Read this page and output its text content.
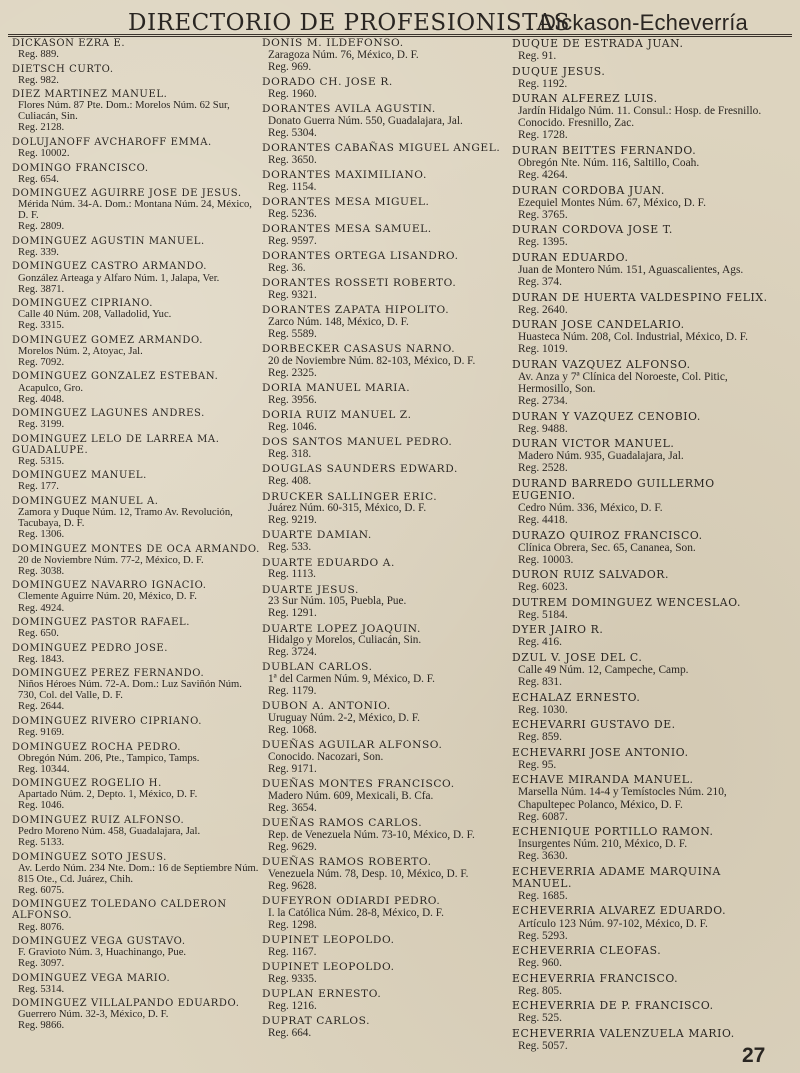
DIRECTORIO DE PROFESIONISTAS
Dickason-Echeverría
DICKASON EZRA E.
Reg. 889.
DIETSCH CURTO.
Reg. 982.
DIEZ MARTINEZ MANUEL.
Flores Núm. 87 Pte. Dom.: Morelos Núm. 62 Sur, Culiacán, Sin.
Reg. 2128.
DOLUJANOFF AVCHAROFF EMMA.
Reg. 10002.
DOMINGO FRANCISCO.
Reg. 654.
DOMINGUEZ AGUIRRE JOSE DE JESUS.
Mérida Núm. 34-A. Dom.: Montana Núm. 24, México, D. F.
Reg. 2809.
DOMINGUEZ AGUSTIN MANUEL.
Reg. 339.
DOMINGUEZ CASTRO ARMANDO.
González Arteaga y Alfaro Núm. 1, Jalapa, Ver.
Reg. 3871.
DOMINGUEZ CIPRIANO.
Calle 40 Núm. 208, Valladolid, Yuc.
Reg. 3315.
DOMINGUEZ GOMEZ ARMANDO.
Morelos Núm. 2, Atoyac, Jal.
Reg. 7092.
DOMINGUEZ GONZALEZ ESTEBAN.
Acapulco, Gro.
Reg. 4048.
DOMINGUEZ LAGUNES ANDRES.
Reg. 3199.
DOMINGUEZ LELO DE LARREA MA. GUADALUPE.
Reg. 5315.
DOMINGUEZ MANUEL.
Reg. 177.
DOMINGUEZ MANUEL A.
Zamora y Duque Núm. 12, Tramo Av. Revolución, Tacubaya, D. F.
Reg. 1306.
DOMINGUEZ MONTES DE OCA ARMANDO.
20 de Noviembre Núm. 77-2, México, D. F.
Reg. 3038.
DOMINGUEZ NAVARRO IGNACIO.
Clemente Aguirre Núm. 20, México, D. F.
Reg. 4924.
DOMINGUEZ PASTOR RAFAEL.
Reg. 650.
DOMINGUEZ PEDRO JOSE.
Reg. 1843.
DOMINGUEZ PEREZ FERNANDO.
Niños Héroes Núm. 72-A. Dom.: Luz Saviñón Núm. 730, Col. del Valle, D. F.
Reg. 2644.
DOMINGUEZ RIVERO CIPRIANO.
Reg. 9169.
DOMINGUEZ ROCHA PEDRO.
Obregón Núm. 206, Pte., Tampico, Tamps.
Reg. 10344.
DOMINGUEZ ROGELIO H.
Apartado Núm. 2, Depto. 1, México, D. F.
Reg. 1046.
DOMINGUEZ RUIZ ALFONSO.
Pedro Moreno Núm. 458, Guadalajara, Jal.
Reg. 5133.
DOMINGUEZ SOTO JESUS.
Av. Lerdo Núm. 234 Nte. Dom.: 16 de Septiembre Núm. 815 Ote., Cd. Juárez, Chih.
Reg. 6075.
DOMINGUEZ TOLEDANO CALDERON ALFONSO.
Reg. 8076.
DOMINGUEZ VEGA GUSTAVO.
F. Gravioto Núm. 3, Huachinango, Pue.
Reg. 3097.
DOMINGUEZ VEGA MARIO.
Reg. 5314.
DOMINGUEZ VILLALPANDO EDUARDO.
Guerrero Núm. 32-3, México, D. F.
Reg. 9866.
DONIS M. ILDEFONSO.
Zaragoza Núm. 76, México, D. F.
Reg. 969.
DORADO CH. JOSE R.
Reg. 1960.
DORANTES AVILA AGUSTIN.
Donato Guerra Núm. 550, Guadalajara, Jal.
Reg. 5304.
DORANTES CABAÑAS MIGUEL ANGEL.
Reg. 3650.
DORANTES MAXIMILIANO.
Reg. 1154.
DORANTES MESA MIGUEL.
Reg. 5236.
DORANTES MESA SAMUEL.
Reg. 9597.
DORANTES ORTEGA LISANDRO.
Reg. 36.
DORANTES ROSSETI ROBERTO.
Reg. 9321.
DORANTES ZAPATA HIPOLITO.
Zarco Núm. 148, México, D. F.
Reg. 5589.
DORBECKER CASASUS NARNO.
20 de Noviembre Núm. 82-103, México, D. F.
Reg. 2325.
DORIA MANUEL MARIA.
Reg. 3956.
DORIA RUIZ MANUEL Z.
Reg. 1046.
DOS SANTOS MANUEL PEDRO.
Reg. 318.
DOUGLAS SAUNDERS EDWARD.
Reg. 408.
DRUCKER SALLINGER ERIC.
Juárez Núm. 60-315, México, D. F.
Reg. 9219.
DUARTE DAMIAN.
Reg. 533.
DUARTE EDUARDO A.
Reg. 1113.
DUARTE JESUS.
23 Sur Núm. 105, Puebla, Pue.
Reg. 1291.
DUARTE LOPEZ JOAQUIN.
Hidalgo y Morelos, Culiacán, Sin.
Reg. 3724.
DUBLAN CARLOS.
1ª del Carmen Núm. 9, México, D. F.
Reg. 1179.
DUBON A. ANTONIO.
Uruguay Núm. 2-2, México, D. F.
Reg. 1068.
DUEÑAS AGUILAR ALFONSO.
Conocido. Nacozari, Son.
Reg. 9171.
DUEÑAS MONTES FRANCISCO.
Madero Núm. 609, Mexicali, B. Cfa.
Reg. 3654.
DUEÑAS RAMOS CARLOS.
Rep. de Venezuela Núm. 73-10, México, D. F.
Reg. 9629.
DUEÑAS RAMOS ROBERTO.
Venezuela Núm. 78, Desp. 10, México, D. F.
Reg. 9628.
DUFEYRON ODIARDI PEDRO.
I. la Católica Núm. 28-8, México, D. F.
Reg. 1298.
DUPINET LEOPOLDO.
Reg. 1167.
DUPINET LEOPOLDO.
Reg. 9335.
DUPLAN ERNESTO.
Reg. 1216.
DUPRAT CARLOS.
Reg. 664.
DUQUE DE ESTRADA JUAN.
Reg. 91.
DUQUE JESUS.
Reg. 1192.
DURAN ALFEREZ LUIS.
Jardín Hidalgo Núm. 11. Consul.: Hosp. de Fresnillo. Conocido. Fresnillo, Zac.
Reg. 1728.
DURAN BEITTES FERNANDO.
Obregón Nte. Núm. 116, Saltillo, Coah.
Reg. 4264.
DURAN CORDOBA JUAN.
Ezequiel Montes Núm. 67, México, D. F.
Reg. 3765.
DURAN CORDOVA JOSE T.
Reg. 1395.
DURAN EDUARDO.
Juan de Montero Núm. 151, Aguascalientes, Ags.
Reg. 374.
DURAN DE HUERTA VALDESPINO FELIX.
Reg. 2640.
DURAN JOSE CANDELARIO.
Huasteca Núm. 208, Col. Industrial, México, D. F.
Reg. 1019.
DURAN VAZQUEZ ALFONSO.
Av. Anza y 7ª Clínica del Noroeste, Col. Pitic, Hermosillo, Son.
Reg. 2734.
DURAN Y VAZQUEZ CENOBIO.
Reg. 9488.
DURAN VICTOR MANUEL.
Madero Núm. 935, Guadalajara, Jal.
Reg. 2528.
DURAND BARREDO GUILLERMO EUGENIO.
Cedro Núm. 336, México, D. F.
Reg. 4418.
DURAZO QUIROZ FRANCISCO.
Clínica Obrera, Sec. 65, Cananea, Son.
Reg. 10003.
DURON RUIZ SALVADOR.
Reg. 6023.
DUTREM DOMINGUEZ WENCESLAO.
Reg. 5184.
DYER JAIRO R.
Reg. 416.
DZUL V. JOSE DEL C.
Calle 49 Núm. 12, Campeche, Camp.
Reg. 831.
ECHALAZ ERNESTO.
Reg. 1030.
ECHEVARRI GUSTAVO DE.
Reg. 859.
ECHEVARRI JOSE ANTONIO.
Reg. 95.
ECHAVE MIRANDA MANUEL.
Marsella Núm. 14-4 y Temístocles Núm. 210, Chapultepec Polanco, México, D. F.
Reg. 6087.
ECHENIQUE PORTILLO RAMON.
Insurgentes Núm. 210, México, D. F.
Reg. 3630.
ECHEVERRIA ADAME MARQUINA MANUEL.
Reg. 1685.
ECHEVERRIA ALVAREZ EDUARDO.
Artículo 123 Núm. 97-102, México, D. F.
Reg. 5293.
ECHEVERRIA CLEOFAS.
Reg. 960.
ECHEVERRIA FRANCISCO.
Reg. 805.
ECHEVERRIA DE P. FRANCISCO.
Reg. 525.
ECHEVERRIA VALENZUELA MARIO.
Reg. 5057.	27
